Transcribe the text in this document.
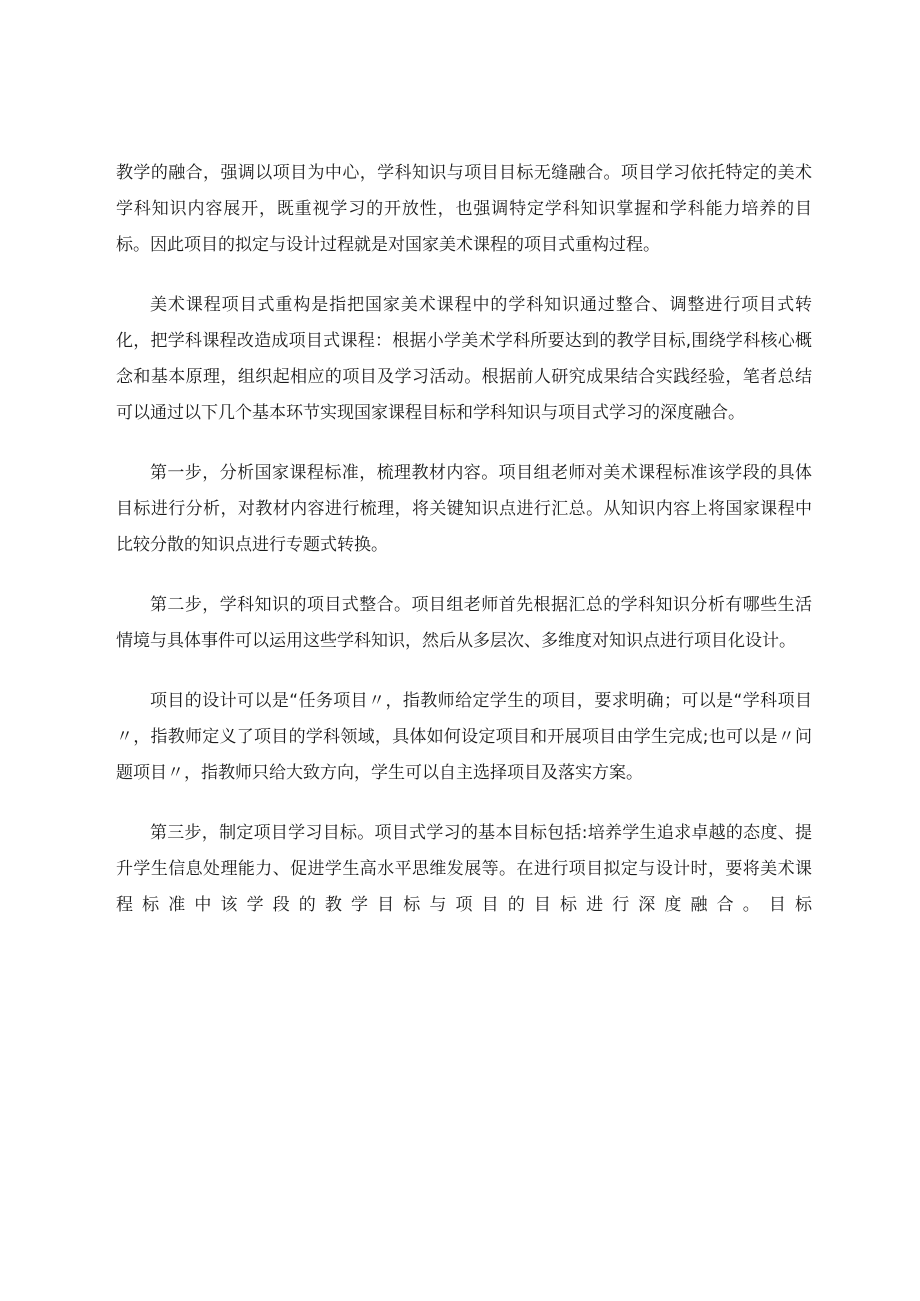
教学的融合，强调以项目为中心，学科知识与项目目标无缝融合。项目学习依托特定的美术学科知识内容展开，既重视学习的开放性，也强调特定学科知识掌握和学科能力培养的目标。因此项目的拟定与设计过程就是对国家美术课程的项目式重构过程。

美术课程项目式重构是指把国家美术课程中的学科知识通过整合、调整进行项目式转化，把学科课程改造成项目式课程：根据小学美术学科所要达到的教学目标,围绕学科核心概念和基本原理，组织起相应的项目及学习活动。根据前人研究成果结合实践经验，笔者总结可以通过以下几个基本环节实现国家课程目标和学科知识与项目式学习的深度融合。

第一步，分析国家课程标准，梳理教材内容。项目组老师对美术课程标准该学段的具体目标进行分析，对教材内容进行梳理，将关键知识点进行汇总。从知识内容上将国家课程中比较分散的知识点进行专题式转换。

第二步，学科知识的项目式整合。项目组老师首先根据汇总的学科知识分析有哪些生活情境与具体事件可以运用这些学科知识，然后从多层次、多维度对知识点进行项目化设计。

项目的设计可以是“任务项目〃，指教师给定学生的项目，要求明确；可以是“学科项目〃，指教师定义了项目的学科领域，具体如何设定项目和开展项目由学生完成;也可以是〃问题项目〃，指教师只给大致方向，学生可以自主选择项目及落实方案。

第三步，制定项目学习目标。项目式学习的基本目标包括:培养学生追求卓越的态度、提升学生信息处理能力、促进学生高水平思维发展等。在进行项目拟定与设计时，要将美术课程标准中该学段的教学目标与项目的目标进行深度融合。目标
